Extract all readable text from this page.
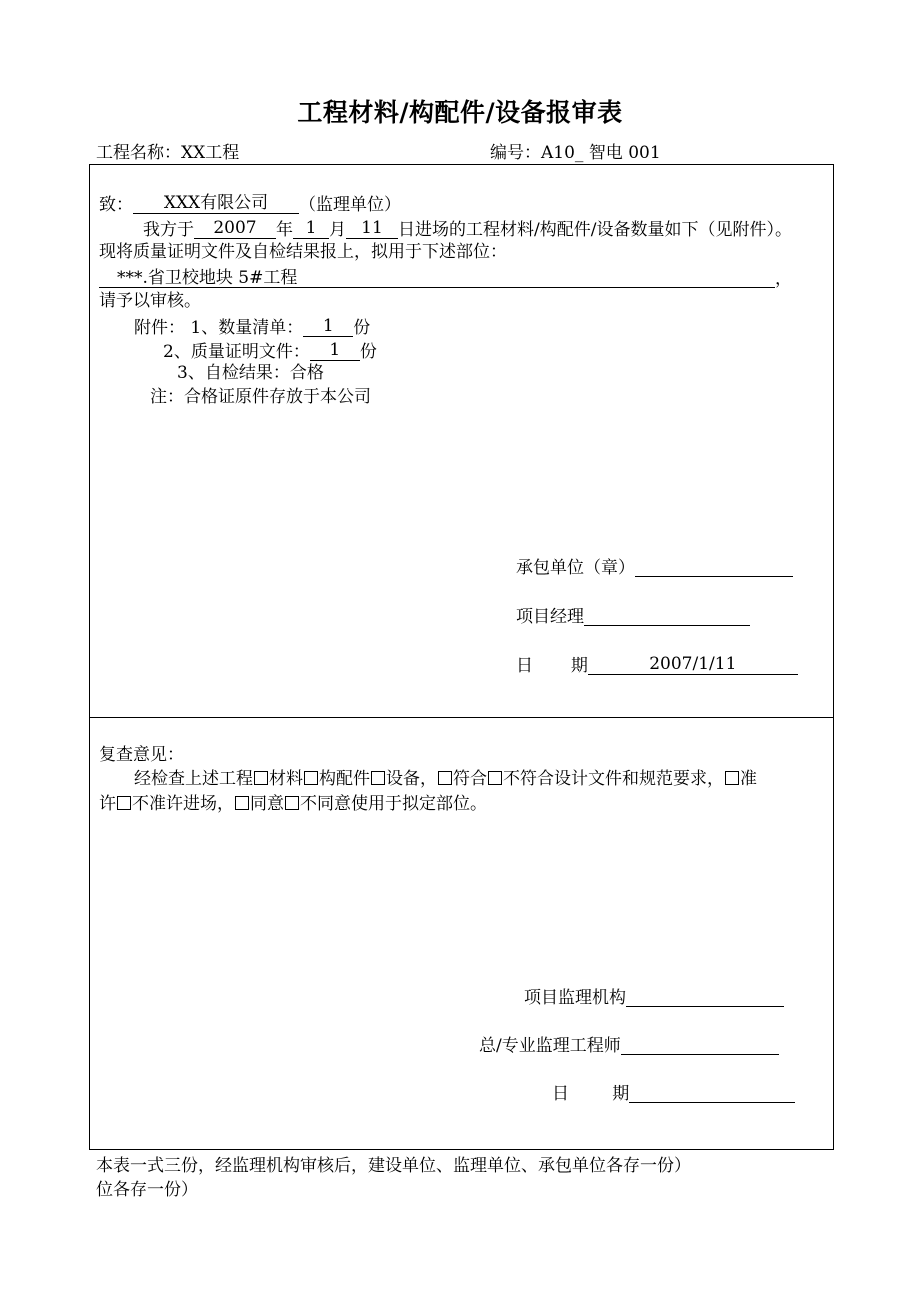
工程材料/构配件/设备报审表
工程名称：XX工程	编号：A10_ 智电 001
致： XXX有限公司 （监理单位）
我方于 2007 年 1 月 11 日进场的工程材料/构配件/设备数量如下（见附件）。
现将质量证明文件及自检结果报上，拟用于下述部位：
***.省卫校地块 5#工程	，
请予以审核。
附件： 1、数量清单： 1 份
2、质量证明文件： 1 份
3、自检结果：合格
注：合格证原件存放于本公司
承包单位（章）
项目经理
日       期	2007/1/11
复查意见：
经检查上述工程 材料 构配件 设备， 符合 不符合设计文件和规范要求， 准
许 不准许进场， 同意 不同意使用于拟定部位。
项目监理机构
总/专业监理工程师
日        期
本表一式三份，经监理机构审核后，建设单位、监理单位、承包单位各存一份）
位各存一份）
